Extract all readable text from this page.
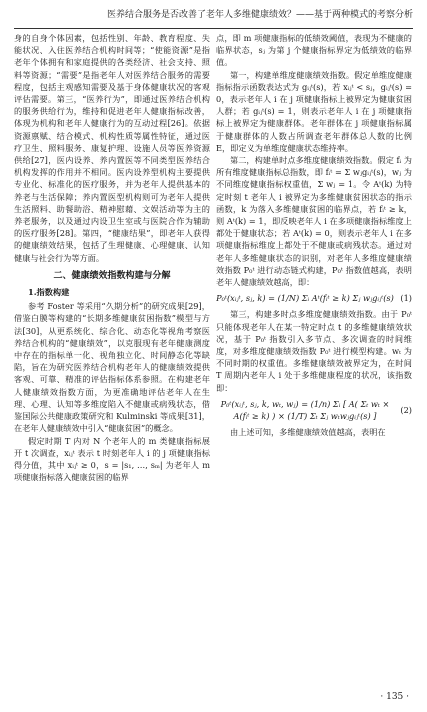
医养结合服务是否改善了老年人多维健康绩效？——基于两种模式的考察分析

身的自身个体因素，包括性别、年龄、教育程度、失能状况、入住医养结合机构时间等；“使能资源”是指老年个体拥有和家庭提供的各类经济、社会支持、照料等资源；“需要”是指老年人对医养结合服务的需要程度，包括主观感知需要及基于身体健康状况的客观评估需要。第三，“医养行为”，即通过医养结合机构的服务供给行为，维持和促进老年人健康指标改善，体现为机构和老年人健康行为的互动过程[26]。依据资源禀赋、结合模式、机构性质等属性特征，通过医疗卫生、照料服务、康复护理、设施人员等医养资源供给[27]，医内设养、养内置医等不同类型医养结合机构发挥的作用并不相同。医内设养型机构主要提供专业化、标准化的医疗服务，并为老年人提供基本的养老与生活保障；养内置医型机构则可为老年人提供生活照料、助餐助浴、精神慰藉、文娱活动等为主的养老服务，以及通过内设卫生室或与医院合作为辅助的医疗服务[28]。第四，“健康结果”，即老年人获得的健康绩效结果，包括了生理健康、心理健康、认知健康与社会行为等方面。

二、健康绩效指数构建与分解
1.指数构建

参考 Foster 等采用“久期分析”的研究成果[29]，借鉴白膜等构建的“长期多维健康贫困指数”模型与方法[30]，从更系统化、综合化、动态化等视角考察医养结合机构的“健康绩效”，以克服现有老年健康测度中存在的指标单一化、视角独立化、时间静态化等缺陷，旨在为研究医养结合机构老年人的健康绩效提供客观、可靠、精准的评估指标体系参照。在构建老年人健康绩效指数方面，为更准确地评估老年人在生理、心理、认知等多维度陷入不健康或病残状态，借鉴国际公共健康政策研究和 Kulminski 等成果[31]，在老年人健康绩效中引入“健康贫困”的概念。

假定时期 T 内对 N 个老年人的 m 类健康指标展开 t 次调查，xᵢⱼᵗ 表示 t 时刻老年人 i 的 j 项健康指标得分值，其中 xᵢⱼᵗ ≥ 0，s = |s₁, …, sₘ| 为老年人 m 项健康指标落入健康贫困的临界

点，即 m 项健康指标的低绩效阈值，表现为不健康的临界状态，sⱼ 为第 j 个健康指标界定为低绩效的临界值。

第一，构建单维度健康绩效指数。假定单维度健康指标指示函数表达式为 gᵢⱼᵗ(s)，若 xᵢⱼᵗ < sⱼ，gᵢⱼᵗ(s) = 0，表示老年人 i 在 j 项健康指标上被界定为健康贫困人群；若 gᵢⱼᵗ(s) = 1，则表示老年人 i 在 j 项健康指标上被界定为健康群体。老年群体在 j 项健康指标属于健康群体的人数占所调查老年群体总人数的比例 E，即定义为单维度健康状态维持率。

第二，构建单时点多维度健康绩效指数。假定 fᵢ 为所有维度健康指标总指数，即 fᵢᵗ = Σ wⱼgᵢⱼᵗ(s)，wⱼ 为不同维度健康指标权重值，Σ wⱼ = 1。令 Aᵗ(k) 为特定时刻 t 老年人 i 被界定为多维健康贫困状态的指示函数，k 为落入多维健康贫困的临界点，若 fᵢᵗ ≥ k，则 Aᵗ(k) = 1，即反映老年人 i 在多项健康指标维度上都处于健康状态；若 Aᵗ(k) = 0，则表示老年人 i 在多项健康指标维度上都处于不健康或病残状态。通过对老年人多维健康状态的识别，对老年人多维度健康绩效指数 P₀ᵗ 进行动态链式构建，P₀ᵗ 指数值越高，表明老年人健康绩效越高，即：

P₀ᵗ(xᵢⱼᵗ, sⱼ, k) = (1/N) Σᵢ Aᵗ(fᵢᵗ ≥ k) Σⱼ wⱼgᵢⱼᵗ(s) (1)

第三，构建多时点多维度健康绩效指数。由于 P₀ᵗ 只能体现老年人在某一特定时点 t 的多维健康绩效状况，基于 P₀ᵗ 指数引入多节点、多次调查的时间维度，对多维度健康绩效指数 P₀ᵗ 进行模型构建。wₜ 为不同时期的权重值。多维健康绩效被界定为，在时间 T 周期内老年人 i 处于多维健康程度的状况，该指数即：

P₀ᵗ(xᵢⱼᵗ, sⱼ, k, wₜ, wⱼ) = (1/n) Σᵢ [ A( Σₜ wₜ × A(fᵢᵗ ≥ k) ) × (1/T) Σₜ Σⱼ wₜwⱼgᵢⱼᵗ(s) ]
(2)

由上述可知，多维健康绩效值越高，表明在

· 135 ·
